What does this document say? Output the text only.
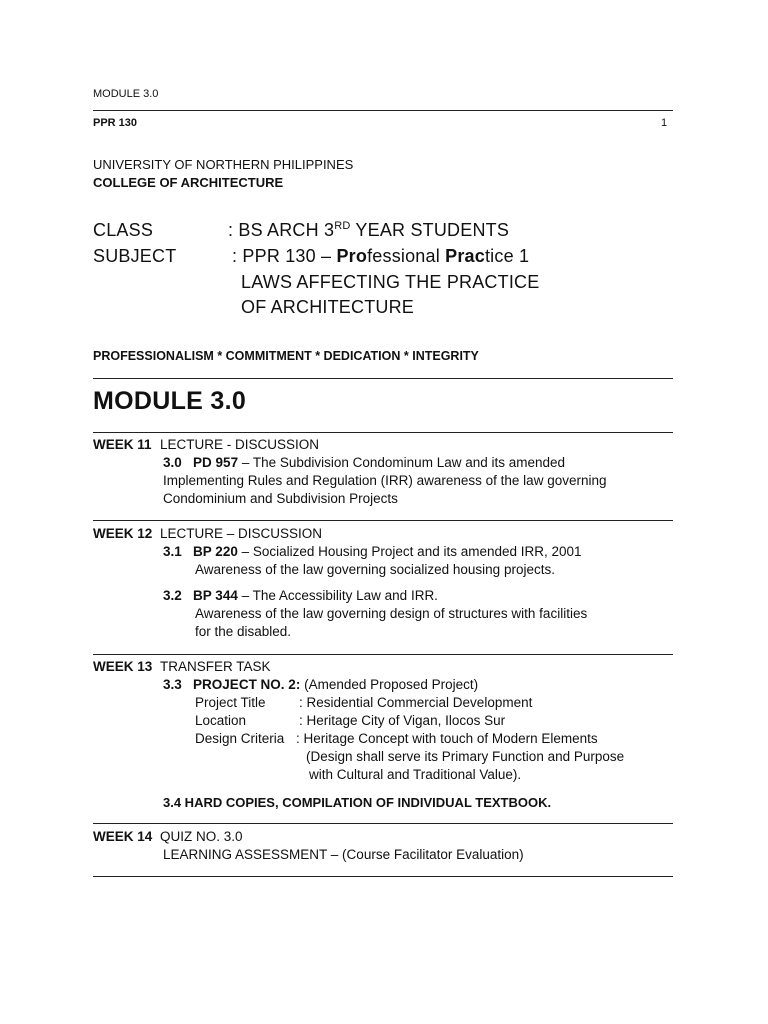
MODULE 3.0
PPR 130	1
UNIVERSITY OF NORTHERN PHILIPPINES
COLLEGE OF ARCHITECTURE
CLASS	: BS ARCH 3RD YEAR STUDENTS
SUBJECT	: PPR 130 – Professional Practice 1
LAWS AFFECTING THE PRACTICE
OF ARCHITECTURE
PROFESSIONALISM * COMMITMENT * DEDICATION * INTEGRITY
MODULE 3.0
WEEK 11 LECTURE - DISCUSSION
3.0 PD 957 – The Subdivision Condominum Law and its amended
Implementing Rules and Regulation (IRR) awareness of the law governing
Condominium and Subdivision Projects
WEEK 12 LECTURE – DISCUSSION
3.1 BP 220 – Socialized Housing Project and its amended IRR, 2001
Awareness of the law governing socialized housing projects.
3.2 BP 344 – The Accessibility Law and IRR.
Awareness of the law governing design of structures with facilities
for the disabled.
WEEK 13 TRANSFER TASK
3.3 PROJECT NO. 2: (Amended Proposed Project)
Project Title : Residential Commercial Development
Location	: Heritage City of Vigan, Ilocos Sur
Design Criteria : Heritage Concept with touch of Modern Elements
(Design shall serve its Primary Function and Purpose
with Cultural and Traditional Value).
3.4 HARD COPIES, COMPILATION OF INDIVIDUAL TEXTBOOK.
WEEK 14 QUIZ NO. 3.0
LEARNING ASSESSMENT – (Course Facilitator Evaluation)
